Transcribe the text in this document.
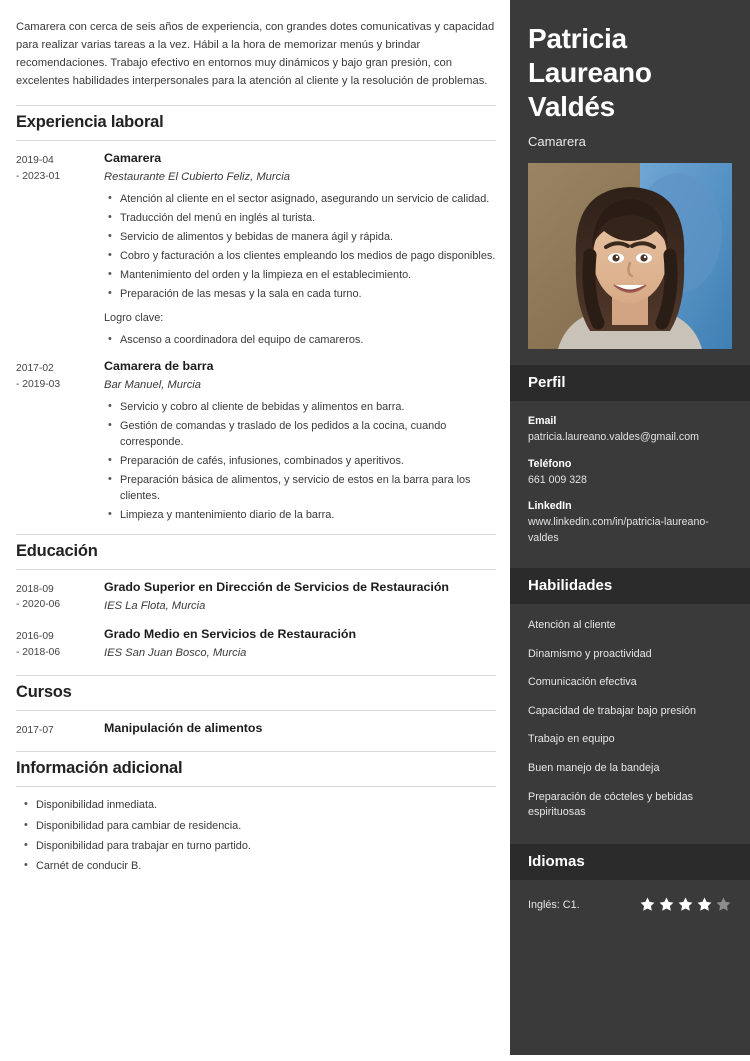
Camarera con cerca de seis años de experiencia, con grandes dotes comunicativas y capacidad para realizar varias tareas a la vez. Hábil a la hora de memorizar menús y brindar recomendaciones. Trabajo efectivo en entornos muy dinámicos y bajo gran presión, con excelentes habilidades interpersonales para la atención al cliente y la resolución de problemas.

Experiencia laboral
2019-04
- 2023-01
Camarera
Restaurante El Cubierto Feliz, Murcia
• Atención al cliente en el sector asignado, asegurando un servicio de calidad.
• Traducción del menú en inglés al turista.
• Servicio de alimentos y bebidas de manera ágil y rápida.
• Cobro y facturación a los clientes empleando los medios de pago disponibles.
• Mantenimiento del orden y la limpieza en el establecimiento.
• Preparación de las mesas y la sala en cada turno.
Logro clave:
• Ascenso a coordinadora del equipo de camareros.
2017-02
- 2019-03
Camarera de barra
Bar Manuel, Murcia
• Servicio y cobro al cliente de bebidas y alimentos en barra.
• Gestión de comandas y traslado de los pedidos a la cocina, cuando corresponde.
• Preparación de cafés, infusiones, combinados y aperitivos.
• Preparación básica de alimentos, y servicio de estos en la barra para los clientes.
• Limpieza y mantenimiento diario de la barra.
Educación
2018-09
- 2020-06
Grado Superior en Dirección de Servicios de Restauración
IES La Flota, Murcia
2016-09
- 2018-06
Grado Medio en Servicios de Restauración
IES San Juan Bosco, Murcia
Cursos
2017-07	Manipulación de alimentos
Información adicional
• Disponibilidad inmediata.
• Disponibilidad para cambiar de residencia.
• Disponibilidad para trabajar en turno partido.
• Carnét de conducir B.
Patricia
Laureano
Valdés
Camarera
Perfil
Email
patricia.laureano.valdes@gmail.com
Teléfono
661 009 328
LinkedIn
www.linkedin.com/in/patricia-laureano-valdes
Habilidades
Atención al cliente
Dinamismo y proactividad
Comunicación efectiva
Capacidad de trabajar bajo presión
Trabajo en equipo
Buen manejo de la bandeja
Preparación de cócteles y bebidas espirituosas
Idiomas
Inglés: C1.
